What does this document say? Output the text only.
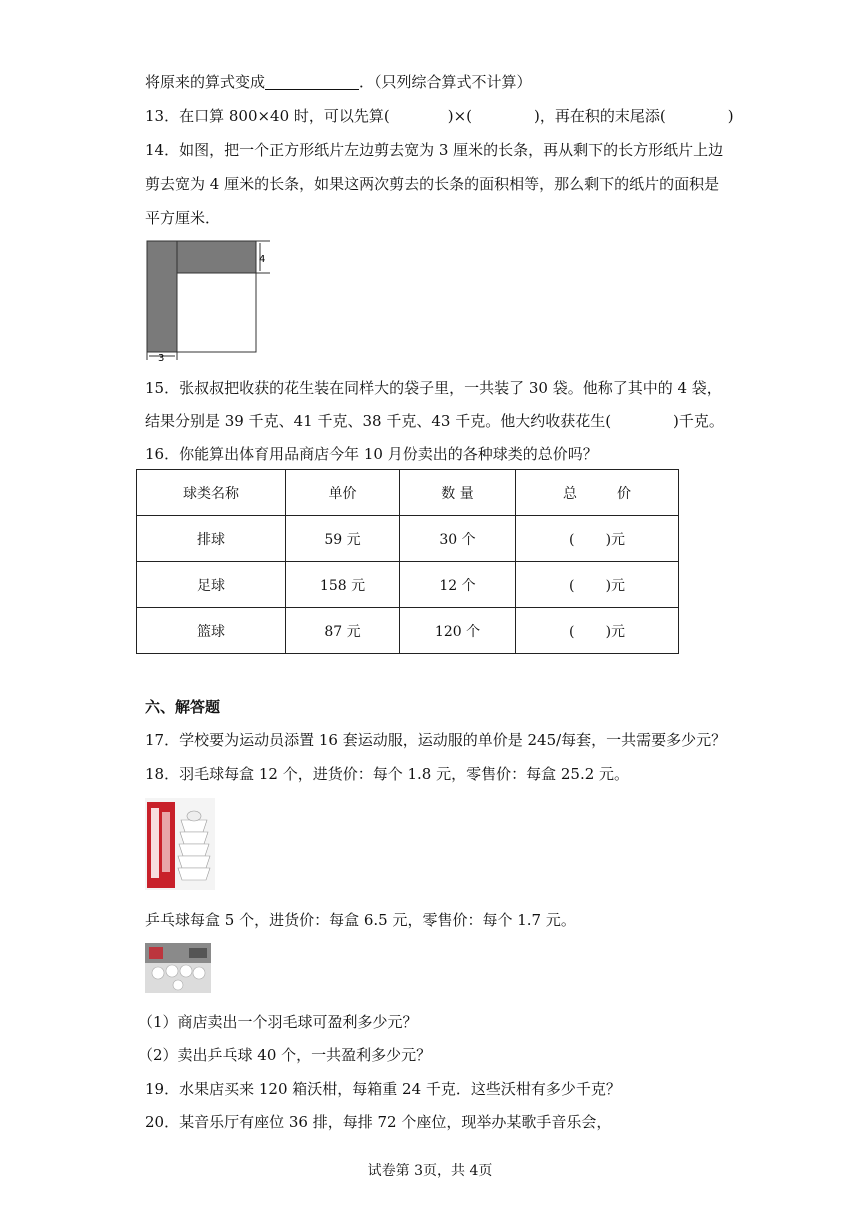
将原来的算式变成	．（只列综合算式不计算）
13．在口算 800×40 时，可以先算(	)×(	)，再在积的末尾添(	)
14．如图，把一个正方形纸片左边剪去宽为 3 厘米的长条，再从剩下的长方形纸片上边
剪去宽为 4 厘米的长条，如果这两次剪去的长条的面积相等，那么剩下的纸片的面积是
平方厘米．
4
3
15．张叔叔把收获的花生装在同样大的袋子里，一共装了 30 袋。他称了其中的 4 袋，
结果分别是 39 千克、41 千克、38 千克、43 千克。他大约收获花生(	)千克。
16．你能算出体育用品商店今年 10 月份卖出的各种球类的总价吗？
球类名称	单价	数 量	总         价
排球	59 元	30 个	(       )元
足球	158 元	12 个	(       )元
篮球	87 元	120 个	(       )元
六、解答题
17．学校要为运动员添置 16 套运动服，运动服的单价是 245/每套，一共需要多少元？
18．羽毛球每盒 12 个，进货价：每个 1.8 元，零售价：每盒 25.2 元。
乒乓球每盒 5 个，进货价：每盒 6.5 元，零售价：每个 1.7 元。
（1）商店卖出一个羽毛球可盈利多少元？
（2）卖出乒乓球 40 个，一共盈利多少元？
19．水果店买来 120 箱沃柑，每箱重 24 千克．这些沃柑有多少千克？
20．某音乐厅有座位 36 排，每排 72 个座位，现举办某歌手音乐会，
试卷第 3页，共 4页
